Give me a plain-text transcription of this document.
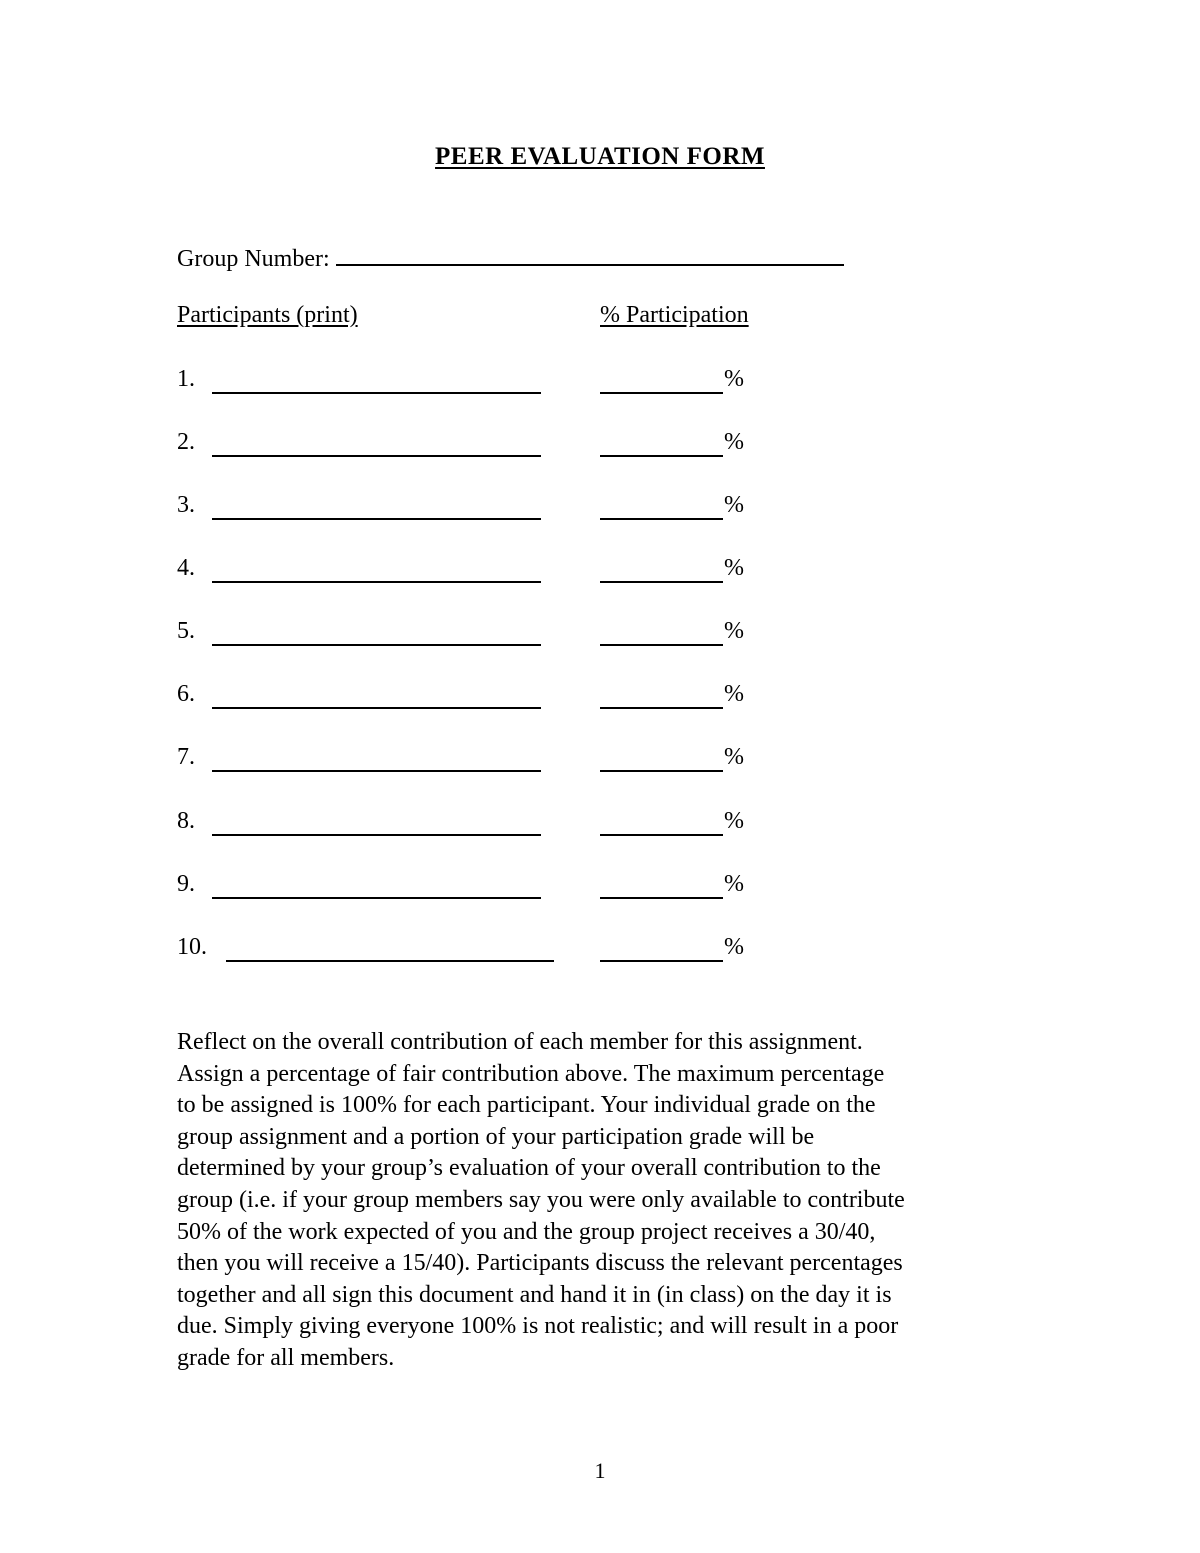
PEER EVALUATION FORM
Group Number:
Participants (print)	% Participation
1.	%
2.	%
3.	%
4.	%
5.	%
6.	%
7.	%
8.	%
9.	%
10.	%
Reflect on the overall contribution of each member for this assignment.
Assign a percentage of fair contribution above. The maximum percentage
to be assigned is 100% for each participant. Your individual grade on the
group assignment and a portion of your participation grade will be
determined by your group’s evaluation of your overall contribution to the
group (i.e. if your group members say you were only available to contribute
50% of the work expected of you and the group project receives a 30/40,
then you will receive a 15/40). Participants discuss the relevant percentages
together and all sign this document and hand it in (in class) on the day it is
due. Simply giving everyone 100% is not realistic; and will result in a poor
grade for all members.
1
